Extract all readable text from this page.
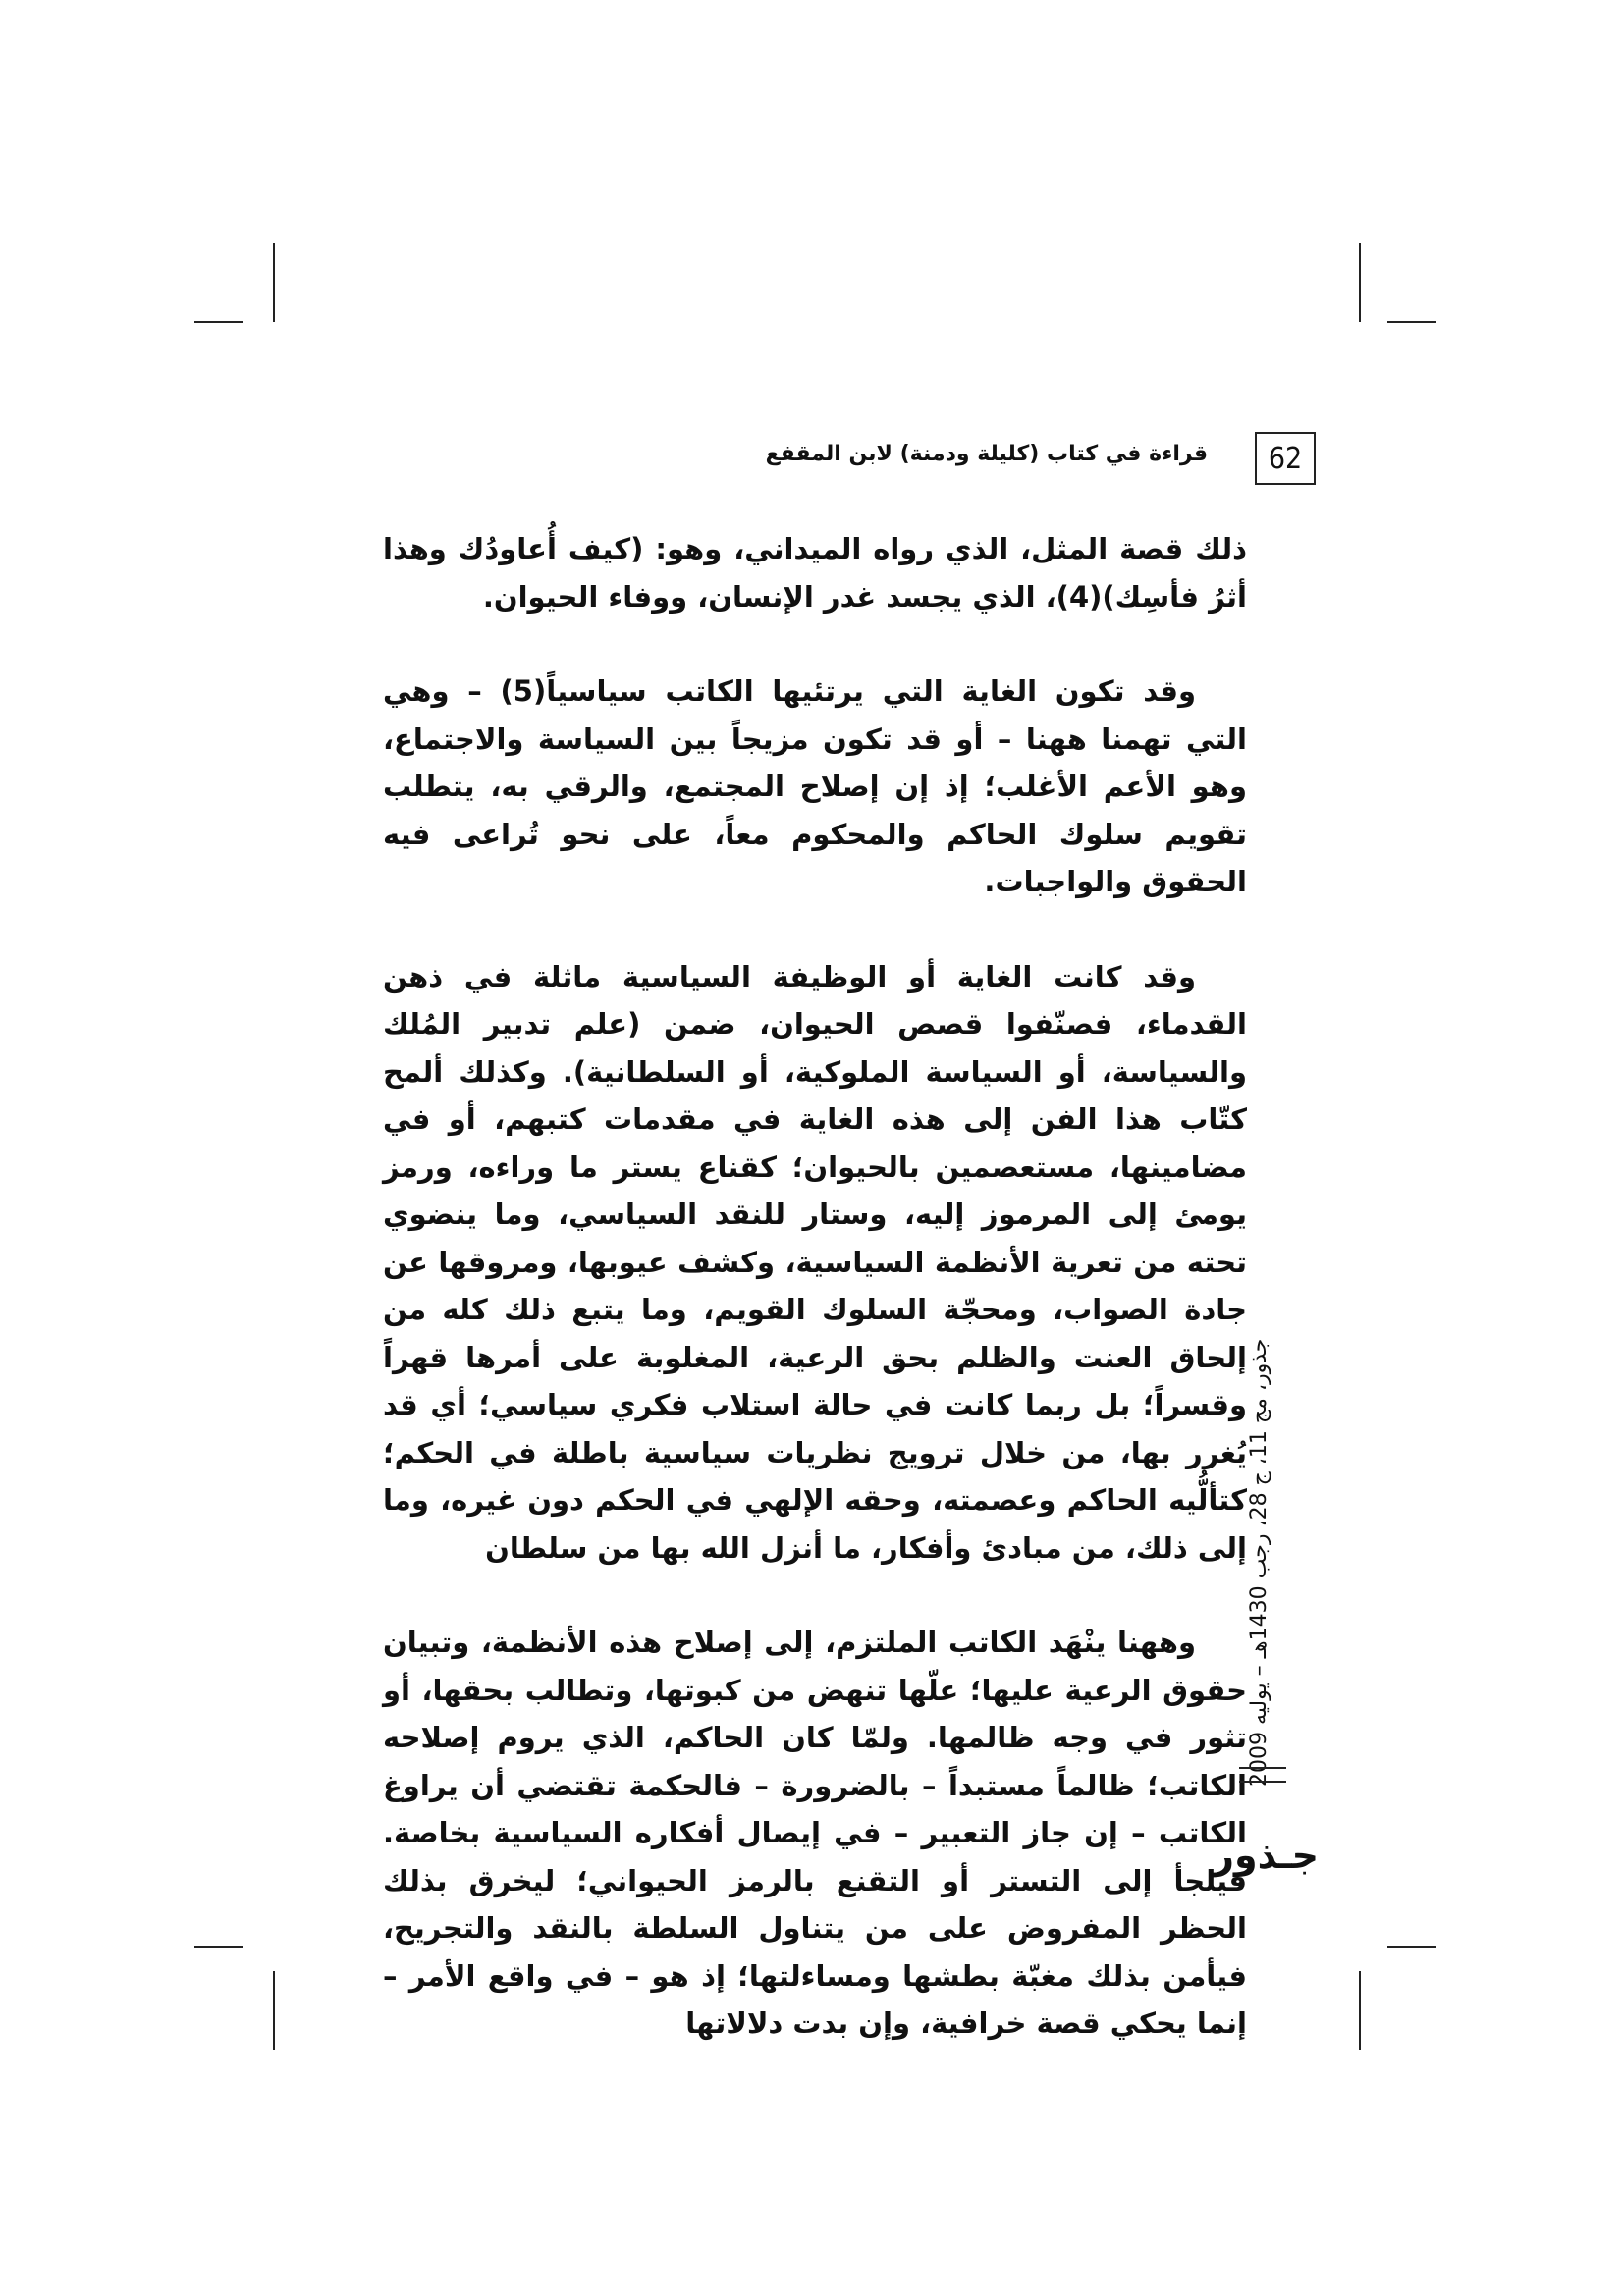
62
قراءة في كتاب (كليلة ودمنة) لابن المقفع

ذلك قصة المثل، الذي رواه الميداني، وهو: (كيف أُعاودُك وهذا أثرُ فأسِك)(4)، الذي يجسد غدر الإنسان، ووفاء الحيوان.

وقد تكون الغاية التي يرتئيها الكاتب سياسياً(5) – وهي التي تهمنا ههنا – أو قد تكون مزيجاً بين السياسة والاجتماع، وهو الأعم الأغلب؛ إذ إن إصلاح المجتمع، والرقي به، يتطلب تقويم سلوك الحاكم والمحكوم معاً، على نحو تُراعى فيه الحقوق والواجبات.

وقد كانت الغاية أو الوظيفة السياسية ماثلة في ذهن القدماء، فصنّفوا قصص الحيوان، ضمن (علم تدبير المُلك والسياسة، أو السياسة الملوكية، أو السلطانية). وكذلك ألمح كتّاب هذا الفن إلى هذه الغاية في مقدمات كتبهم، أو في مضامينها، مستعصمين بالحيوان؛ كقناع يستر ما وراءه، ورمز يومئ إلى المرموز إليه، وستار للنقد السياسي، وما ينضوي تحته من تعرية الأنظمة السياسية، وكشف عيوبها، ومروقها عن جادة الصواب، ومحجّة السلوك القويم، وما يتبع ذلك كله من إلحاق العنت والظلم بحق الرعية، المغلوبة على أمرها قهراً وقسراً؛ بل ربما كانت في حالة استلاب فكري سياسي؛ أي قد يُغرر بها، من خلال ترويج نظريات سياسية باطلة في الحكم؛ كتألُّيه الحاكم وعصمته، وحقه الإلهي في الحكم دون غيره، وما إلى ذلك، من مبادئ وأفكار، ما أنزل الله بها من سلطان

وههنا ينْهَد الكاتب الملتزم، إلى إصلاح هذه الأنظمة، وتبيان حقوق الرعية عليها؛ علّها تنهض من كبوتها، وتطالب بحقها، أو تثور في وجه ظالمها. ولمّا كان الحاكم، الذي يروم إصلاحه الكاتب؛ ظالماً مستبداً – بالضرورة – فالحكمة تقتضي أن يراوغ الكاتب – إن جاز التعبير – في إيصال أفكاره السياسية بخاصة. فيلجأ إلى التستر أو التقنع بالرمز الحيواني؛ ليخرق بذلك الحظر المفروض على من يتناول السلطة بالنقد والتجريح، فيأمن بذلك مغبّة بطشها ومساءلتها؛ إذ هو – في واقع الأمر – إنما يحكي قصة خرافية، وإن بدت دلالاتها

جذور، مج 11، ج 28، رجب 1430هـ – يوليه 2009
جـذور
